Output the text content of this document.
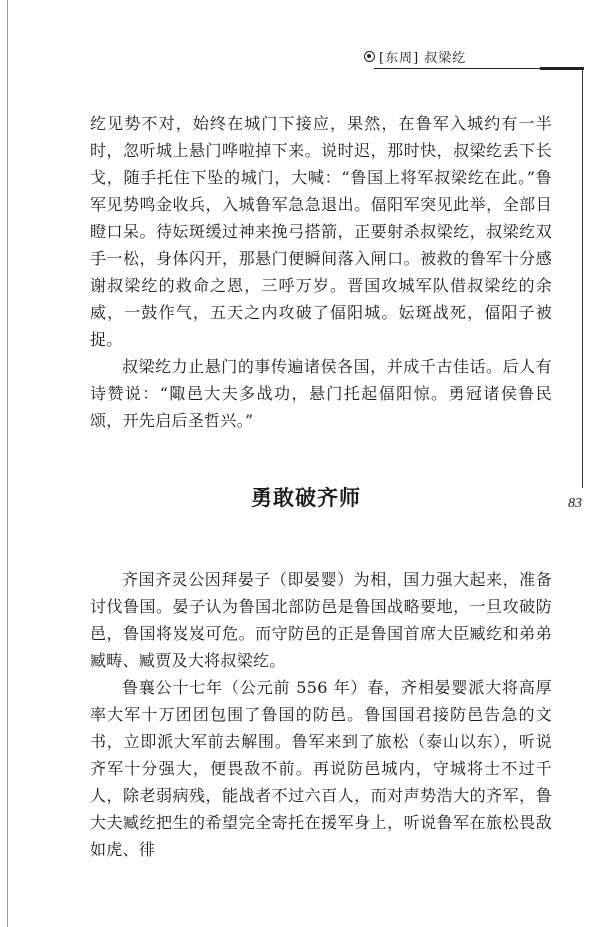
[东周] 叔梁纥
83

纥见势不对，始终在城门下接应，果然，在鲁军入城约有一半时，忽听城上悬门哗啦掉下来。说时迟，那时快，叔梁纥丢下长戈，随手托住下坠的城门，大喊：“鲁国上将军叔梁纥在此。”鲁军见势鸣金收兵，入城鲁军急急退出。偪阳军突见此举，全部目瞪口呆。待妘斑缓过神来挽弓搭箭，正要射杀叔梁纥，叔梁纥双手一松，身体闪开，那悬门便瞬间落入闸口。被救的鲁军十分感谢叔梁纥的救命之恩，三呼万岁。晋国攻城军队借叔梁纥的余威，一鼓作气，五天之内攻破了偪阳城。妘斑战死，偪阳子被捉。

叔梁纥力止悬门的事传遍诸侯各国，并成千古佳话。后人有诗赞说：“陬邑大夫多战功，悬门托起偪阳惊。勇冠诸侯鲁民颂，开先启后圣哲兴。”

勇敢破齐师

齐国齐灵公因拜晏子（即晏婴）为相，国力强大起来，准备讨伐鲁国。晏子认为鲁国北部防邑是鲁国战略要地，一旦攻破防邑，鲁国将岌岌可危。而守防邑的正是鲁国首席大臣臧纥和弟弟臧畴、臧贾及大将叔梁纥。

鲁襄公十七年（公元前 556 年）春，齐相晏婴派大将高厚率大军十万团团包围了鲁国的防邑。鲁国国君接防邑告急的文书，立即派大军前去解围。鲁军来到了旅松（泰山以东），听说齐军十分强大，便畏敌不前。再说防邑城内，守城将士不过千人，除老弱病残，能战者不过六百人，而对声势浩大的齐军，鲁大夫臧纥把生的希望完全寄托在援军身上，听说鲁军在旅松畏敌如虎、徘
